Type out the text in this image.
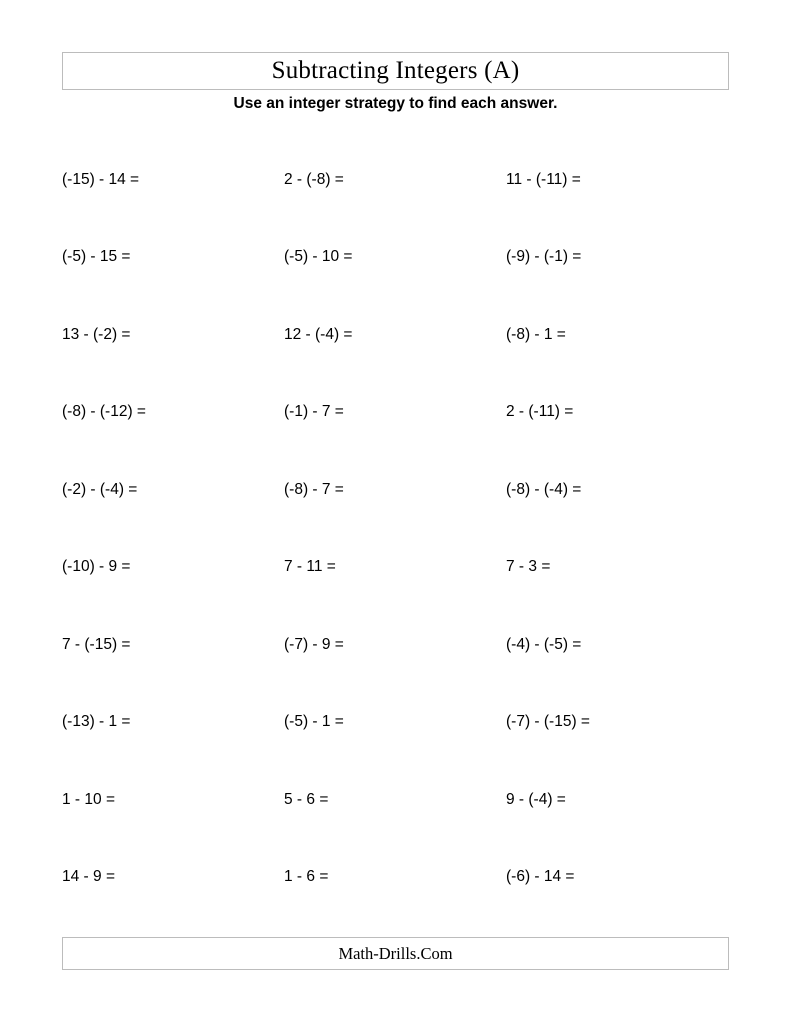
Subtracting Integers (A)
Use an integer strategy to find each answer.
(-15) - 14 =	2 - (-8) =	11 - (-11) =
(-5) - 15 =	(-5) - 10 =	(-9) - (-1) =
13 - (-2) =	12 - (-4) =	(-8) - 1 =
(-8) - (-12) =	(-1) - 7 =	2 - (-11) =
(-2) - (-4) =	(-8) - 7 =	(-8) - (-4) =
(-10) - 9 =	7 - 11 =	7 - 3 =
7 - (-15) =	(-7) - 9 =	(-4) - (-5) =
(-13) - 1 =	(-5) - 1 =	(-7) - (-15) =
1 - 10 =	5 - 6 =	9 - (-4) =
14 - 9 =	1 - 6 =	(-6) - 14 =
Math-Drills.Com
